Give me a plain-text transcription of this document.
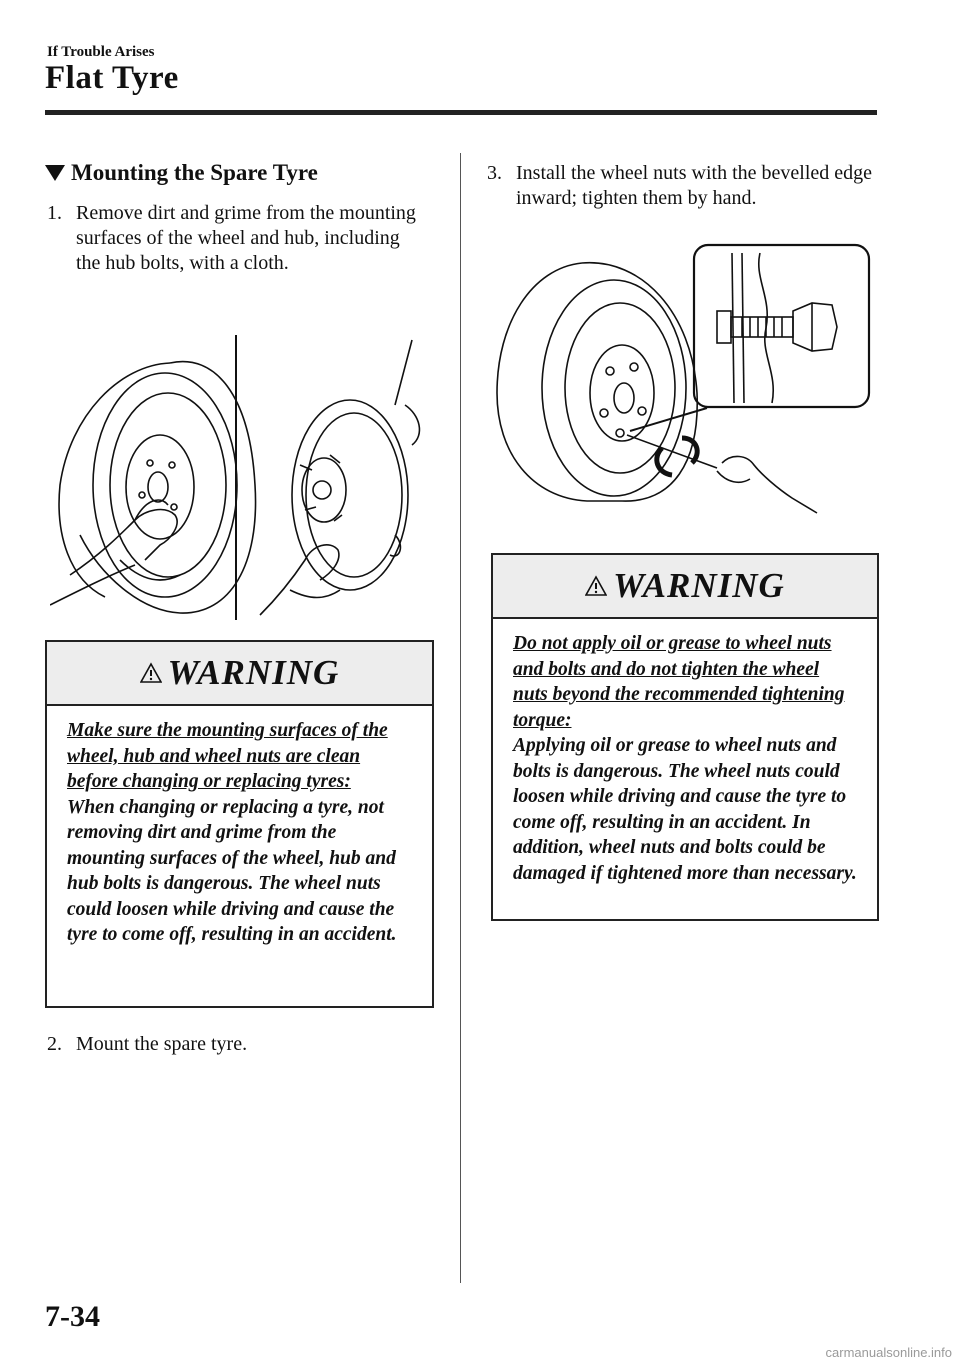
If Trouble Arises
Flat Tyre
Mounting the Spare Tyre
1. Remove dirt and grime from the mounting surfaces of the wheel and hub, including the hub bolts, with a cloth.
WARNING
Make sure the mounting surfaces of the wheel, hub and wheel nuts are clean before changing or replacing tyres:
When changing or replacing a tyre, not removing dirt and grime from the mounting surfaces of the wheel, hub and hub bolts is dangerous. The wheel nuts could loosen while driving and cause the tyre to come off, resulting in an accident.
2. Mount the spare tyre.
3. Install the wheel nuts with the bevelled edge inward; tighten them by hand.
WARNING
Do not apply oil or grease to wheel nuts and bolts and do not tighten the wheel nuts beyond the recommended tightening torque:
Applying oil or grease to wheel nuts and bolts is dangerous. The wheel nuts could loosen while driving and cause the tyre to come off, resulting in an accident. In addition, wheel nuts and bolts could be damaged if tightened more than necessary.
7-34
carmanualsonline.info
